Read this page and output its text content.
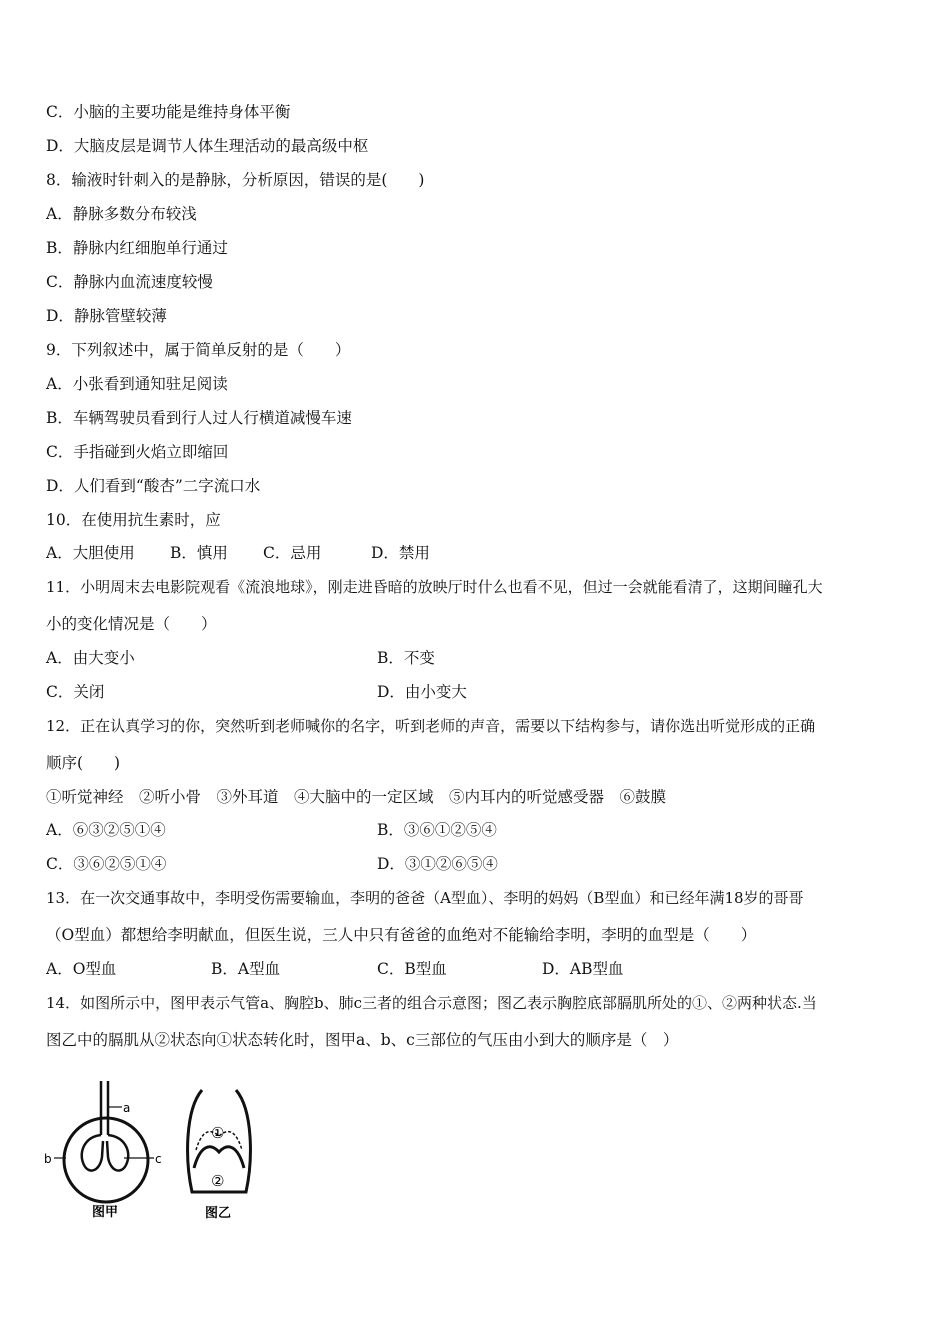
C．小脑的主要功能是维持身体平衡
D．大脑皮层是调节人体生理活动的最高级中枢
8．输液时针刺入的是静脉，分析原因，错误的是(　　)
A．静脉多数分布较浅
B．静脉内红细胞单行通过
C．静脉内血流速度较慢
D．静脉管壁较薄
9．下列叙述中，属于简单反射的是（　　）
A．小张看到通知驻足阅读
B．车辆驾驶员看到行人过人行横道减慢车速
C．手指碰到火焰立即缩回
D．人们看到“酸杏”二字流口水
10．在使用抗生素时，应
A．大胆使用 B．慎用 C．忌用	D．禁用
11．小明周末去电影院观看《流浪地球》，刚走进昏暗的放映厅时什么也看不见，但过一会就能看清了，这期间瞳孔大
小的变化情况是（　　）
A．由大变小	B．不变
C．关闭	D．由小变大
12．正在认真学习的你，突然听到老师喊你的名字，听到老师的声音，需要以下结构参与，请你选出听觉形成的正确
顺序(　　)
①听觉神经　②听小骨　③外耳道　④大脑中的一定区域　⑤内耳内的听觉感受器　⑥鼓膜
A．⑥③②⑤①④	B．③⑥①②⑤④
C．③⑥②⑤①④	D．③①②⑥⑤④
13．在一次交通事故中，李明受伤需要输血，李明的爸爸（A型血）、李明的妈妈（B型血）和已经年满18岁的哥哥
（O型血）都想给李明献血，但医生说，三人中只有爸爸的血绝对不能输给李明，李明的血型是（　　）
A．O型血	B．A型血	C．B型血	D．AB型血
14．如图所示中，图甲表示气管a、胸腔b、肺c三者的组合示意图；图乙表示胸腔底部膈肌所处的①、②两种状态.当
图乙中的膈肌从②状态向①状态转化时，图甲a、b、c三部位的气压由小到大的顺序是（　）
a
b	c
图甲
①
②
图乙
